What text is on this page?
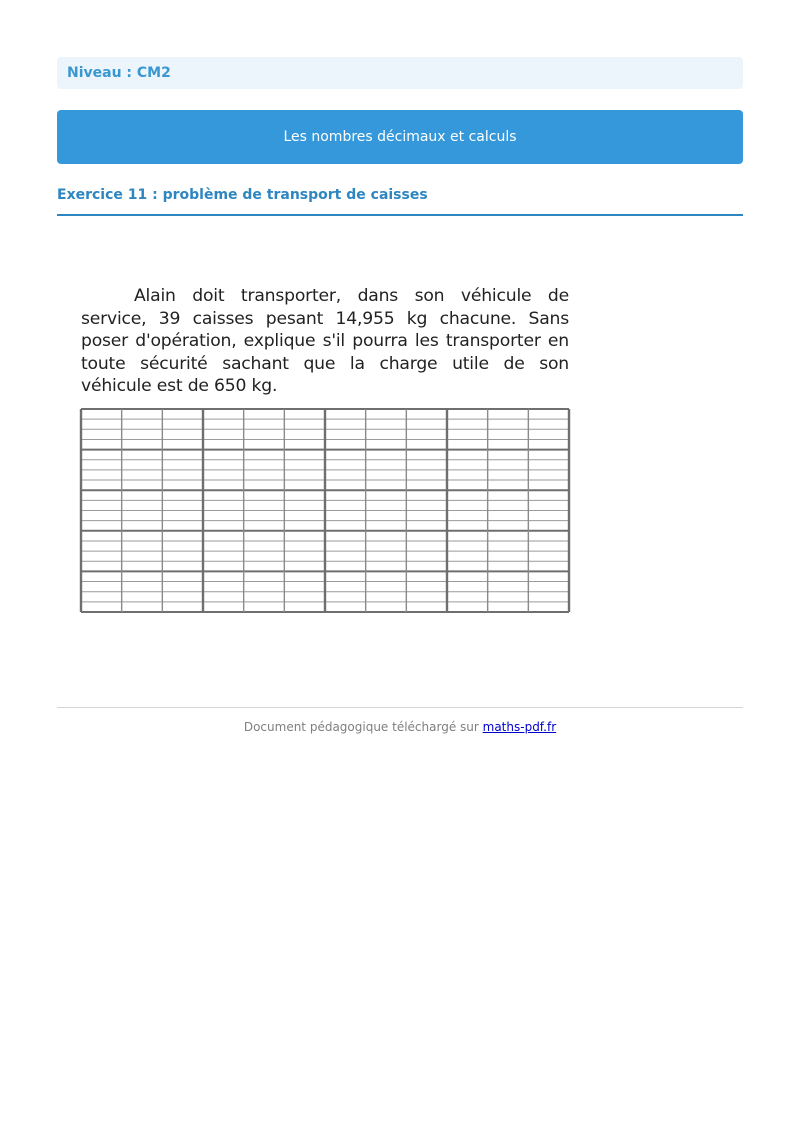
Niveau : CM2
Les nombres décimaux et calculs
Exercice 11 : problème de transport de caisses

Alain doit transporter, dans son véhicule de service, 39 caisses pesant 14,955 kg chacune. Sans poser d'opération, explique s'il pourra les transporter en toute sécurité sachant que la charge utile de son véhicule est de 650 kg.

Document pédagogique téléchargé sur maths-pdf.fr
